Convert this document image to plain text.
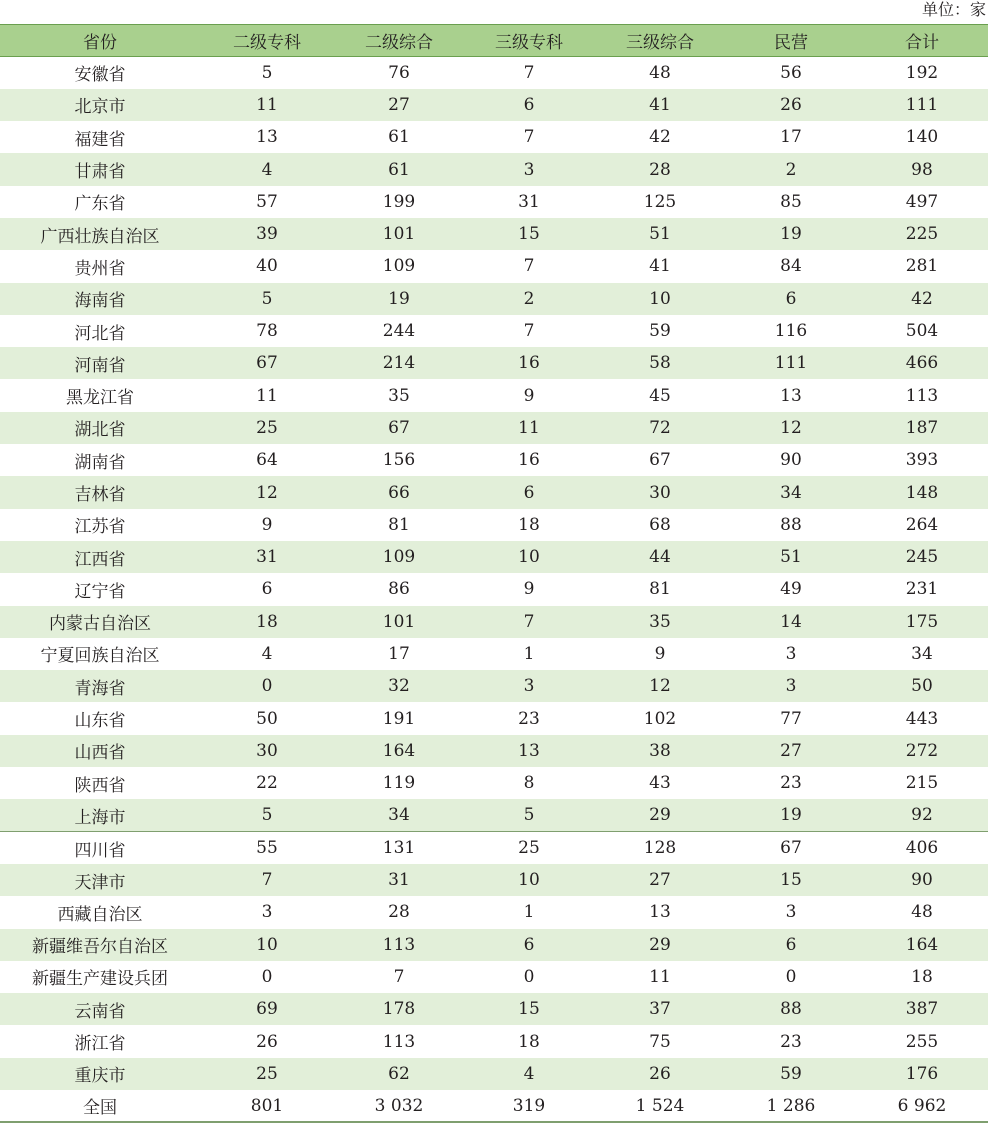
单位：家
省份	二级专科	二级综合	三级专科	三级综合	民营	合计
安徽省	5	76	7	48	56	192
北京市	11	27	6	41	26	111
福建省	13	61	7	42	17	140
甘肃省	4	61	3	28	2	98
广东省	57	199	31	125	85	497
广西壮族自治区	39	101	15	51	19	225
贵州省	40	109	7	41	84	281
海南省	5	19	2	10	6	42
河北省	78	244	7	59	116	504
河南省	67	214	16	58	111	466
黑龙江省	11	35	9	45	13	113
湖北省	25	67	11	72	12	187
湖南省	64	156	16	67	90	393
吉林省	12	66	6	30	34	148
江苏省	9	81	18	68	88	264
江西省	31	109	10	44	51	245
辽宁省	6	86	9	81	49	231
内蒙古自治区	18	101	7	35	14	175
宁夏回族自治区	4	17	1	9	3	34
青海省	0	32	3	12	3	50
山东省	50	191	23	102	77	443
山西省	30	164	13	38	27	272
陕西省	22	119	8	43	23	215
上海市	5	34	5	29	19	92
四川省	55	131	25	128	67	406
天津市	7	31	10	27	15	90
西藏自治区	3	28	1	13	3	48
新疆维吾尔自治区	10	113	6	29	6	164
新疆生产建设兵团	0	7	0	11	0	18
云南省	69	178	15	37	88	387
浙江省	26	113	18	75	23	255
重庆市	25	62	4	26	59	176
全国	801	3 032	319	1 524	1 286	6 962
